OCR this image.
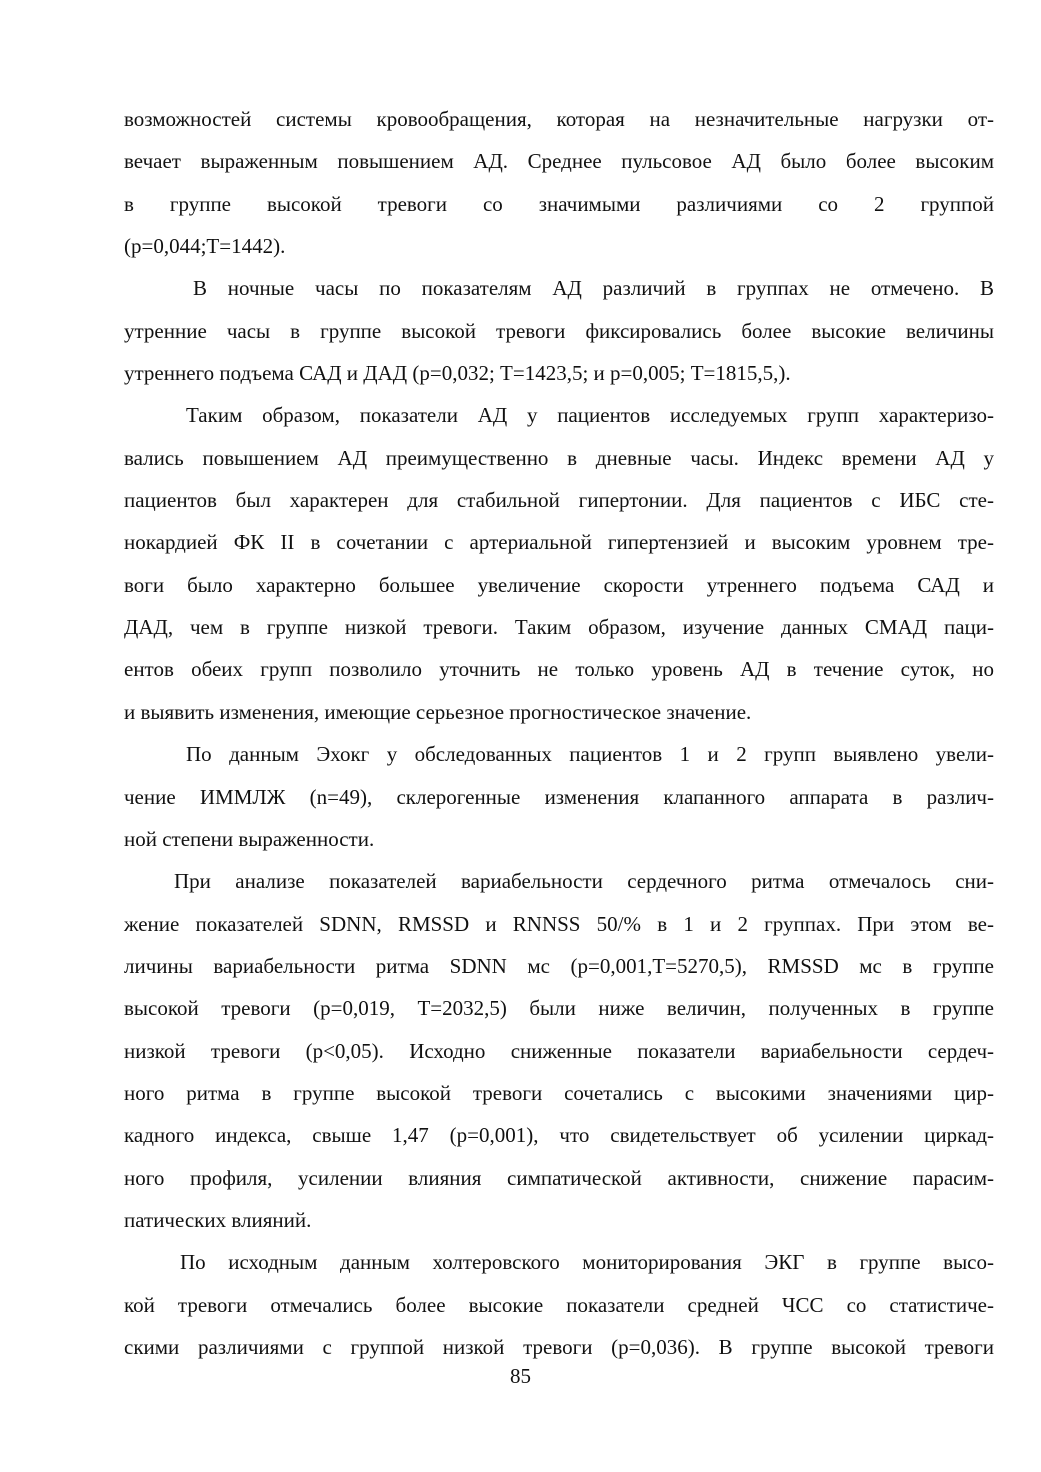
возможностей системы кровообращения, которая на незначительные нагрузки от-
вечает выраженным повышением АД. Среднее пульсовое АД было более высоким
в группе высокой тревоги со значимыми различиями со 2 группой
(p=0,044;T=1442).
В ночные часы по показателям АД различий в группах не отмечено. В
утренние часы в группе высокой тревоги фиксировались более высокие величины
утреннего подъема САД и ДАД (р=0,032; Т=1423,5; и р=0,005; Т=1815,5,).
Таким образом, показатели АД у пациентов исследуемых групп характеризо-
вались повышением АД преимущественно в дневные часы. Индекс времени АД у
пациентов был характерен для стабильной гипертонии. Для пациентов с ИБС сте-
нокардией ФК II в сочетании с артериальной гипертензией и высоким уровнем тре-
воги было характерно большее увеличение скорости утреннего подъема САД и
ДАД, чем в группе низкой тревоги. Таким образом, изучение данных СМАД паци-
ентов обеих групп позволило уточнить не только уровень АД в течение суток, но
и выявить изменения, имеющие серьезное прогностическое значение.
По данным Эхокг у обследованных пациентов 1 и 2 групп выявлено увели-
чение ИММЛЖ (n=49), склерогенные изменения клапанного аппарата в различ-
ной степени выраженности.
При анализе показателей вариабельности сердечного ритма отмечалось сни-
жение показателей SDNN, RMSSD и RNNSS 50/% в 1 и 2 группах. При этом ве-
личины вариабельности ритма SDNN мс (р=0,001,Т=5270,5), RMSSD мс в группе
высокой тревоги (р=0,019, Т=2032,5) были ниже величин, полученных в группе
низкой тревоги (р<0,05). Исходно сниженные показатели вариабельности сердеч-
ного ритма в группе высокой тревоги сочетались с высокими значениями цир-
кадного индекса, свыше 1,47 (р=0,001), что свидетельствует об усилении циркад-
ного профиля, усилении влияния симпатической активности, снижение парасим-
патических влияний.
По исходным данным холтеровского мониторирования ЭКГ в группе высо-
кой тревоги отмечались более высокие показатели средней ЧСС со статистиче-
скими различиями с группой низкой тревоги (р=0,036). В группе высокой тревоги
85
